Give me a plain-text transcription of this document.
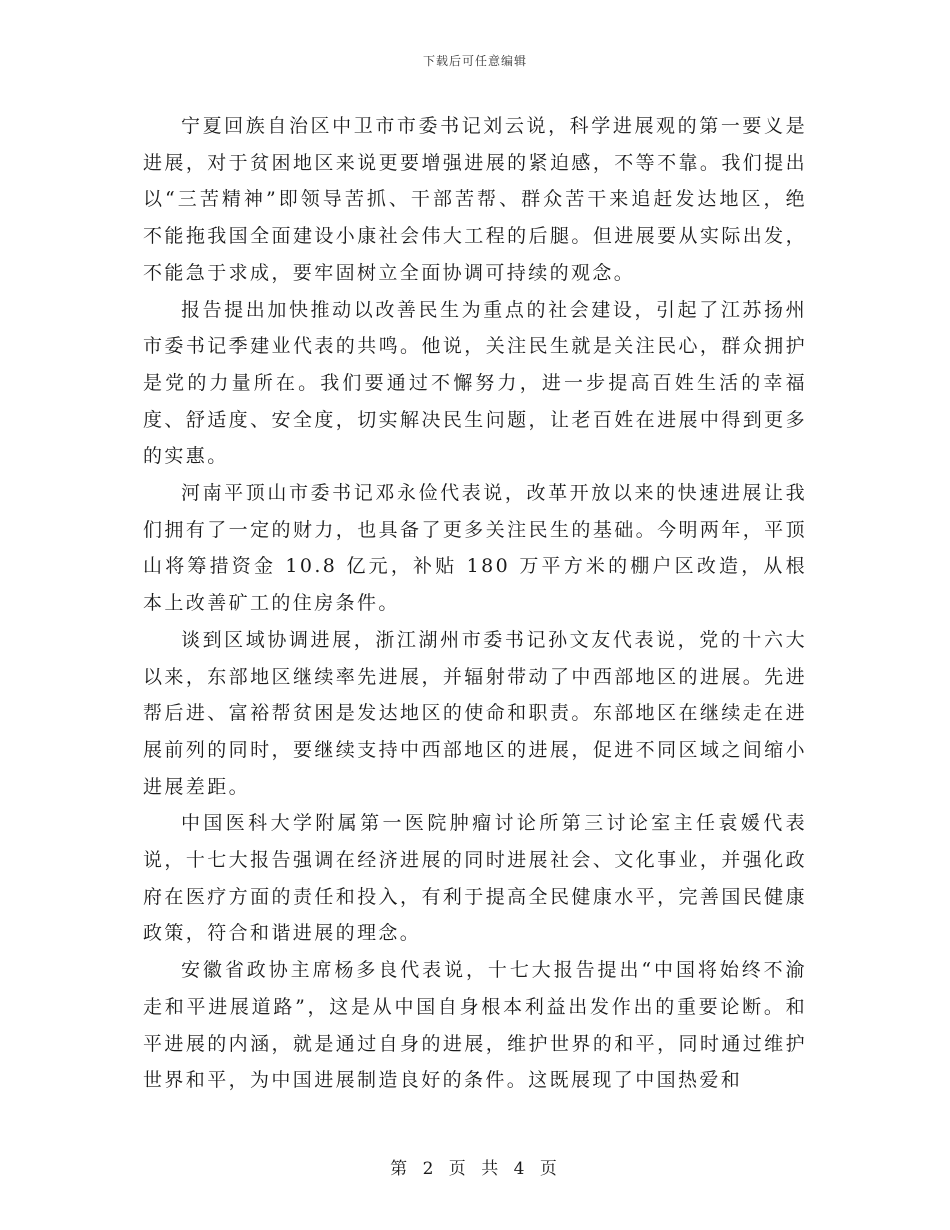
下载后可任意编辑

宁夏回族自治区中卫市市委书记刘云说，科学进展观的第一要义是进展，对于贫困地区来说更要增强进展的紧迫感，不等不靠。我们提出以“三苦精神”即领导苦抓、干部苦帮、群众苦干来追赶发达地区，绝不能拖我国全面建设小康社会伟大工程的后腿。但进展要从实际出发，不能急于求成，要牢固树立全面协调可持续的观念。

报告提出加快推动以改善民生为重点的社会建设，引起了江苏扬州市委书记季建业代表的共鸣。他说，关注民生就是关注民心，群众拥护是党的力量所在。我们要通过不懈努力，进一步提高百姓生活的幸福度、舒适度、安全度，切实解决民生问题，让老百姓在进展中得到更多的实惠。

河南平顶山市委书记邓永俭代表说，改革开放以来的快速进展让我们拥有了一定的财力，也具备了更多关注民生的基础。今明两年，平顶山将筹措资金 10.8 亿元，补贴 180 万平方米的棚户区改造，从根本上改善矿工的住房条件。

谈到区域协调进展，浙江湖州市委书记孙文友代表说，党的十六大以来，东部地区继续率先进展，并辐射带动了中西部地区的进展。先进帮后进、富裕帮贫困是发达地区的使命和职责。东部地区在继续走在进展前列的同时，要继续支持中西部地区的进展，促进不同区域之间缩小进展差距。

中国医科大学附属第一医院肿瘤讨论所第三讨论室主任袁媛代表说，十七大报告强调在经济进展的同时进展社会、文化事业，并强化政府在医疗方面的责任和投入，有利于提高全民健康水平，完善国民健康政策，符合和谐进展的理念。

安徽省政协主席杨多良代表说，十七大报告提出“中国将始终不渝走和平进展道路”，这是从中国自身根本利益出发作出的重要论断。和平进展的内涵，就是通过自身的进展，维护世界的和平，同时通过维护世界和平，为中国进展制造良好的条件。这既展现了中国热爱和

第 2 页 共 4 页
